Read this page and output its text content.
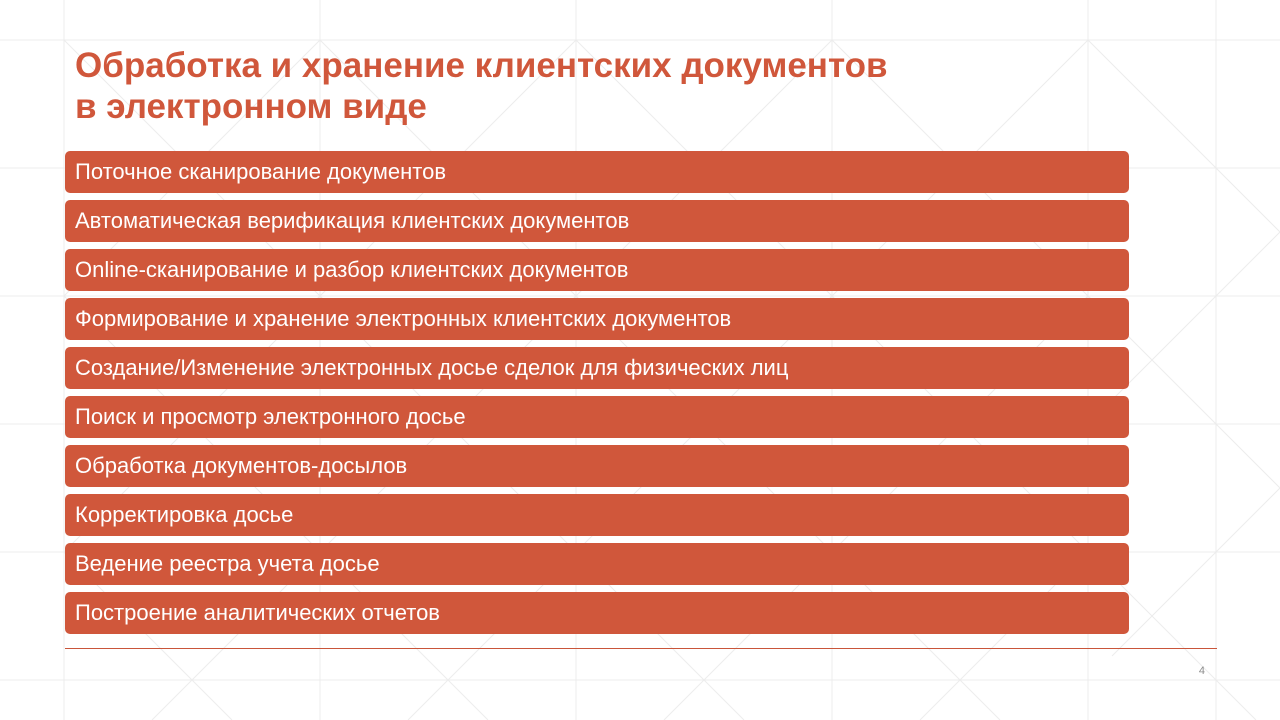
Обработка и хранение клиентских документов
в электронном виде
Поточное сканирование документов
Автоматическая верификация клиентских документов
Online-сканирование и разбор клиентских документов
Формирование и хранение электронных клиентских документов
Создание/Изменение электронных досье сделок для физических лиц
Поиск и просмотр электронного досье
Обработка документов-досылов
Корректировка досье
Ведение реестра учета досье
Построение аналитических отчетов
4
